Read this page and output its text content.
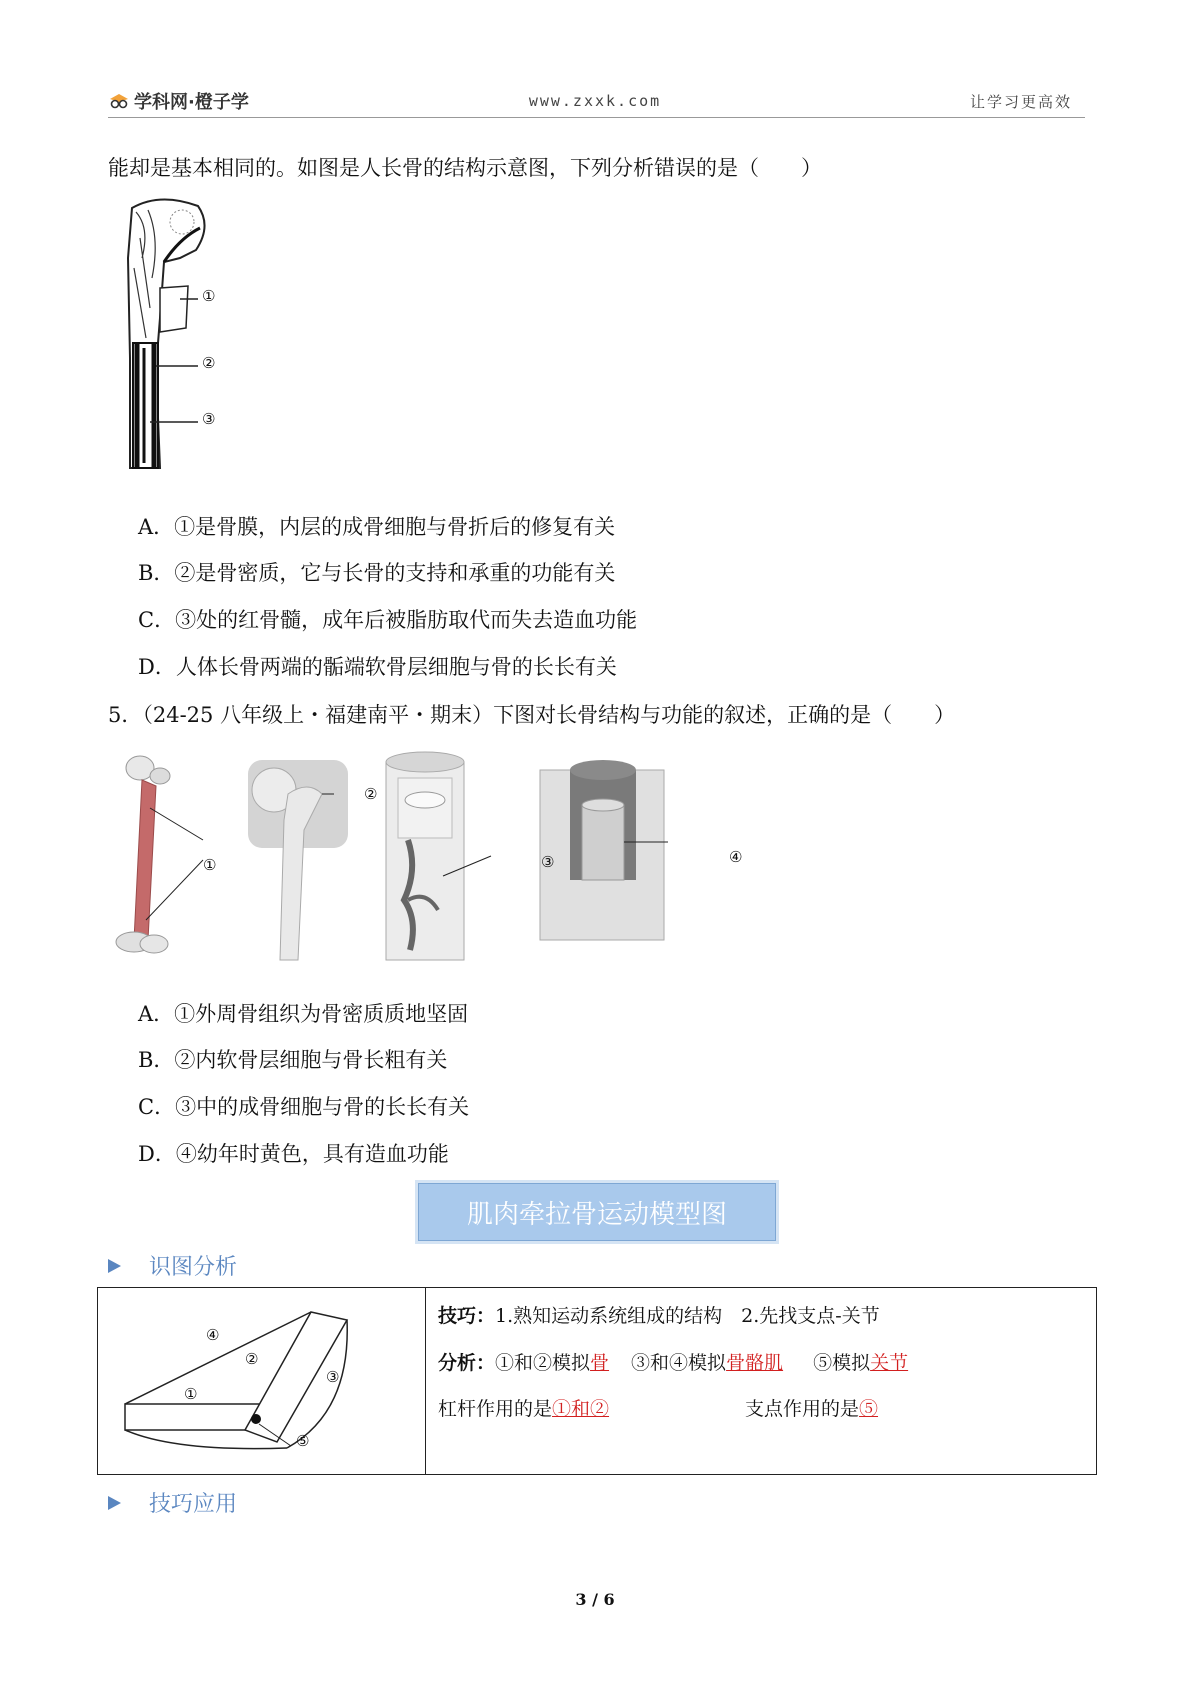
学科网·橙子学	www.zxxk.com	让学习更高效
能却是基本相同的。如图是人长骨的结构示意图，下列分析错误的是（　　）
①
②
③
A．①是骨膜，内层的成骨细胞与骨折后的修复有关
B．②是骨密质，它与长骨的支持和承重的功能有关
C．③处的红骨髓，成年后被脂肪取代而失去造血功能
D．人体长骨两端的骺端软骨层细胞与骨的长长有关
5．（24-25 八年级上・福建南平・期末）下图对长骨结构与功能的叙述，正确的是（　　）
①
②
③	④
A．①外周骨组织为骨密质质地坚固
B．②内软骨层细胞与骨长粗有关
C．③中的成骨细胞与骨的长长有关
D．④幼年时黄色，具有造血功能
肌肉牵拉骨运动模型图
识图分析
④
②
③
①
⑤
技巧：1.熟知运动系统组成的结构　2.先找支点-关节
分析：①和②模拟骨 ③和④模拟骨骼肌 ⑤模拟关节
杠杆作用的是①和②	支点作用的是⑤
技巧应用
3 / 6
